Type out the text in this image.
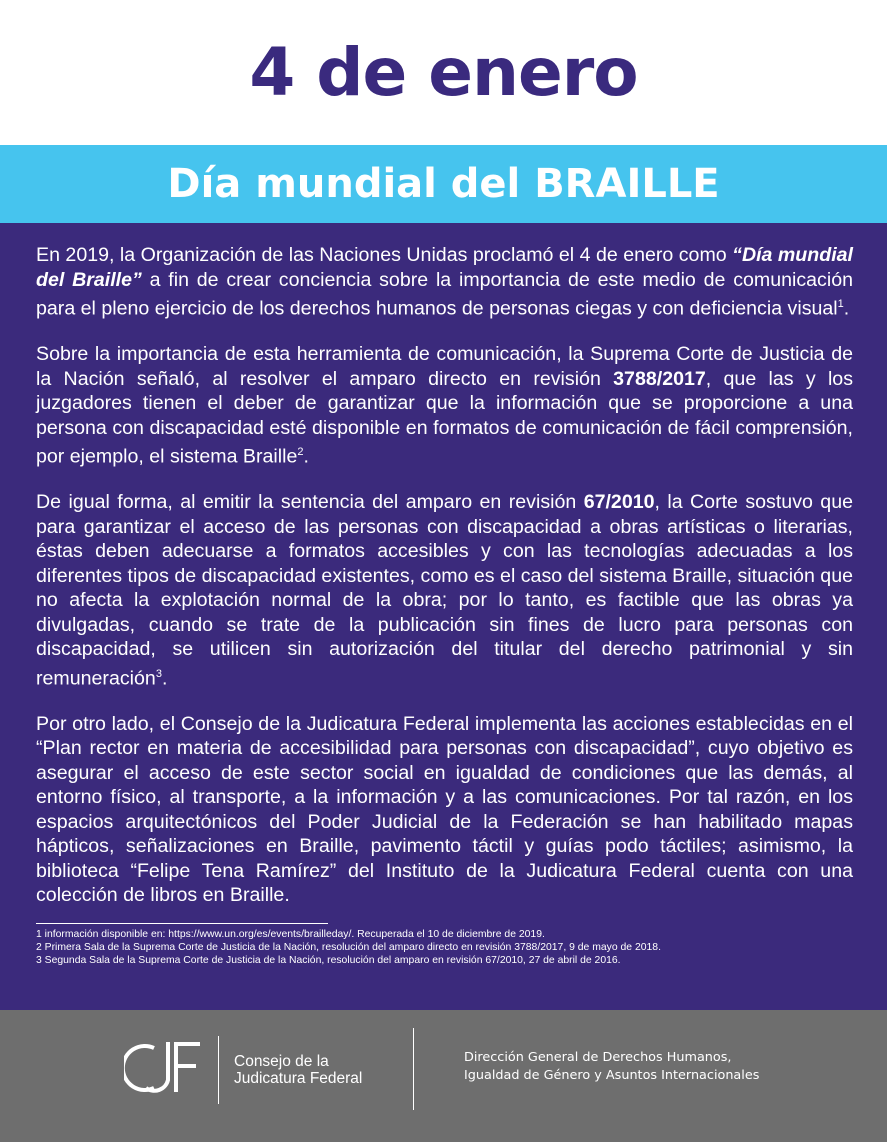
4 de enero
Día mundial del BRAILLE

En 2019, la Organización de las Naciones Unidas proclamó el 4 de enero como “Día mundial del Braille” a fin de crear conciencia sobre la importancia de este medio de comunicación para el pleno ejercicio de los derechos humanos de personas ciegas y con deficiencia visual$^1$.

Sobre la importancia de esta herramienta de comunicación, la Suprema Corte de Justicia de la Nación señaló, al resolver el amparo directo en revisión 3788/2017, que las y los juzgadores tienen el deber de garantizar que la información que se proporcione a una persona con discapacidad esté disponible en formatos de comunicación de fácil comprensión, por ejemplo, el sistema Braille$^2$.

De igual forma, al emitir la sentencia del amparo en revisión 67/2010, la Corte sostuvo que para garantizar el acceso de las personas con discapacidad a obras artísticas o literarias, éstas deben adecuarse a formatos accesibles y con las tecnologías adecuadas a los diferentes tipos de discapacidad existentes, como es el caso del sistema Braille, situación que no afecta la explotación normal de la obra; por lo tanto, es factible que las obras ya divulgadas, cuando se trate de la publicación sin fines de lucro para personas con discapacidad, se utilicen sin autorización del titular del derecho patrimonial y sin remuneración$^3$.

Por otro lado, el Consejo de la Judicatura Federal implementa las acciones establecidas en el “Plan rector en materia de accesibilidad para personas con discapacidad”, cuyo objetivo es asegurar el acceso de este sector social en igualdad de condiciones que las demás, al entorno físico, al transporte, a la información y a las comunicaciones. Por tal razón, en los espacios arquitectónicos del Poder Judicial de la Federación se han habilitado mapas hápticos, señalizaciones en Braille, pavimento táctil y guías podo táctiles; asimismo, la biblioteca “Felipe Tena Ramírez” del Instituto de la Judicatura Federal cuenta con una colección de libros en Braille.

1 información disponible en: https://www.un.org/es/events/brailleday/. Recuperada el 10 de diciembre de 2019.

2 Primera Sala de la Suprema Corte de Justicia de la Nación, resolución del amparo directo en revisión 3788/2017, 9 de mayo de 2018.

3 Segunda Sala de la Suprema Corte de Justicia de la Nación, resolución del amparo en revisión 67/2010, 27 de abril de 2016.

Consejo de la
Judicatura Federal
Dirección General de Derechos Humanos,
Igualdad de Género y Asuntos Internacionales
